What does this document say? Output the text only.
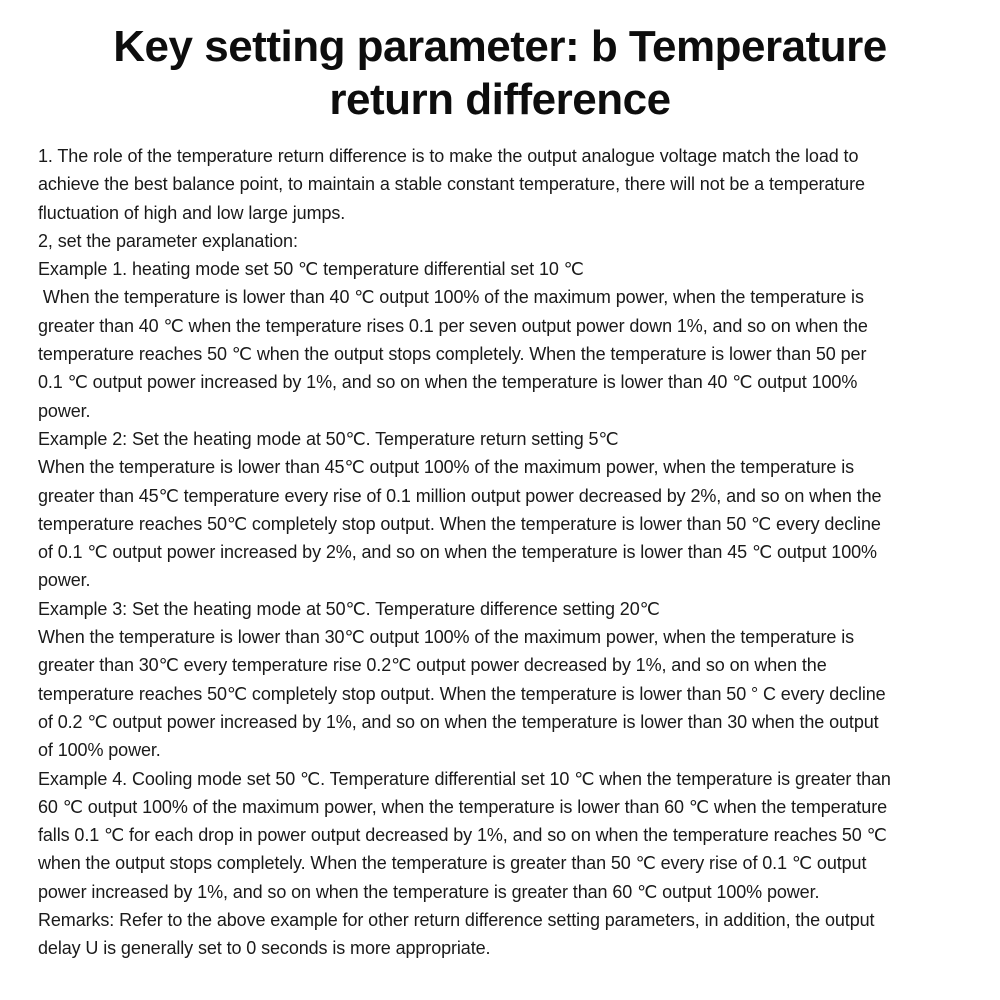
Key setting parameter: b Temperature
return difference

1. The role of the temperature return difference is to make the output analogue voltage match the load to

achieve the best balance point, to maintain a stable constant temperature, there will not be a temperature

fluctuation of high and low large jumps.

2, set the parameter explanation:

Example 1. heating mode set 50 ℃ temperature differential set 10 ℃

When the temperature is lower than 40 ℃ output 100% of the maximum power, when the temperature is

greater than 40 ℃ when the temperature rises 0.1 per seven output power down 1%, and so on when the

temperature reaches 50 ℃ when the output stops completely. When the temperature is lower than 50 per

0.1 ℃ output power increased by 1%, and so on when the temperature is lower than 40 ℃ output 100%

power.

Example 2: Set the heating mode at 50℃. Temperature return setting 5℃

When the temperature is lower than 45℃ output 100% of the maximum power, when the temperature is

greater than 45℃ temperature every rise of 0.1 million output power decreased by 2%, and so on when the

temperature reaches 50℃ completely stop output. When the temperature is lower than 50 ℃ every decline

of 0.1 ℃ output power increased by 2%, and so on when the temperature is lower than 45 ℃ output 100%

power.

Example 3: Set the heating mode at 50℃. Temperature difference setting 20℃

When the temperature is lower than 30℃ output 100% of the maximum power, when the temperature is

greater than 30℃ every temperature rise 0.2℃ output power decreased by 1%, and so on when the

temperature reaches 50℃ completely stop output. When the temperature is lower than 50 ° C every decline

of 0.2 ℃ output power increased by 1%, and so on when the temperature is lower than 30 when the output

of 100% power.

Example 4. Cooling mode set 50 ℃. Temperature differential set 10 ℃ when the temperature is greater than

60 ℃ output 100% of the maximum power, when the temperature is lower than 60 ℃ when the temperature

falls 0.1 ℃ for each drop in power output decreased by 1%, and so on when the temperature reaches 50 ℃

when the output stops completely. When the temperature is greater than 50 ℃ every rise of 0.1 ℃ output

power increased by 1%, and so on when the temperature is greater than 60 ℃ output 100% power.

Remarks: Refer to the above example for other return difference setting parameters, in addition, the output

delay U is generally set to 0 seconds is more appropriate.
